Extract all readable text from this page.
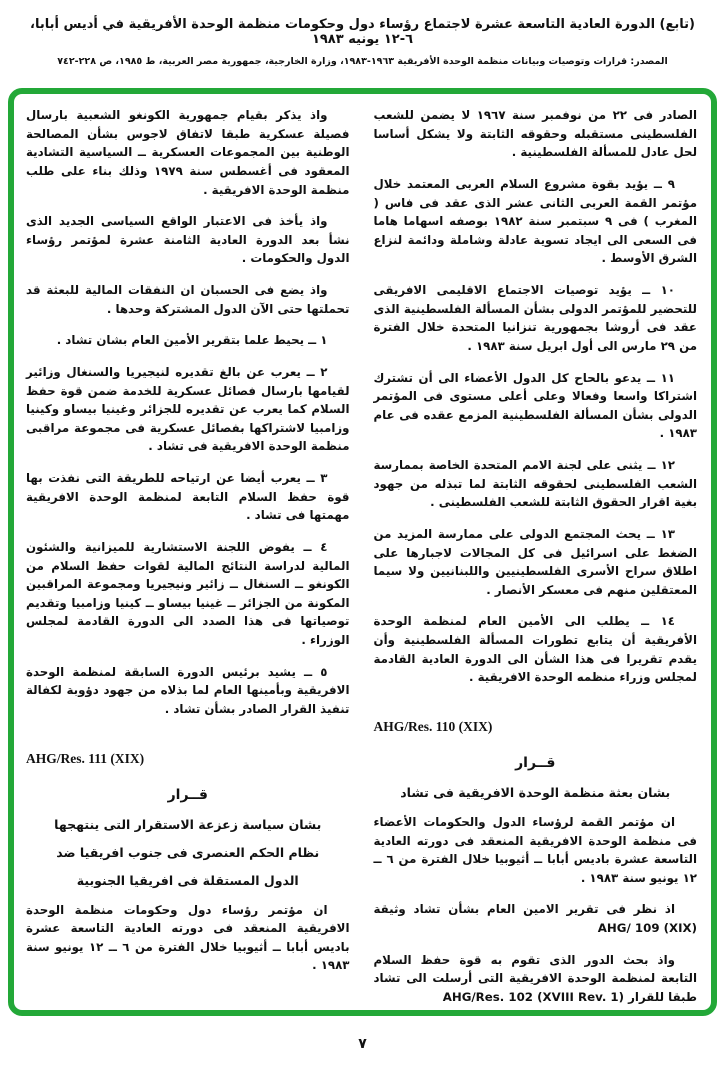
(تابع) الدورة العادية التاسعة عشرة لاجتماع رؤساء دول وحكومات منظمة الوحدة الأفريقية في أديس أبابا، ٦-١٢ يونيه ١٩٨٣
المصدر: قرارات وتوصيات وبيانات منظمة الوحدة الأفريقية ١٩٦٣-١٩٨٣، وزارة الخارجية، جمهورية مصر العربية، ط ١٩٨٥، ص ٢٢٨-٧٤٢
الصادر فى ٢٢ من نوفمبر سنة ١٩٦٧ لا يضمن للشعب الفلسطينى مستقبله وحقوقه الثابتة ولا يشكل أساسا لحل عادل للمسألة الفلسطينية .
٩ ــ يؤيد بقوة مشروع السلام العربى المعتمد خلال مؤتمر القمة العربى الثانى عشر الذى عقد فى فاس ( المغرب ) فى ٩ سبتمبر سنة ١٩٨٢ بوصفه اسهاما هاما فى السعى الى ايجاد تسوية عادلة وشاملة ودائمة لنزاع الشرق الأوسط .
١٠ ــ يؤيد توصيات الاجتماع الاقليمى الافريقى للتحضير للمؤتمر الدولى بشأن المسألة الفلسطينية الذى عقد فى أروشا بجمهورية تنزانيا المتحدة خلال الفترة من ٢٩ مارس الى أول ابريل سنة ١٩٨٣ .
١١ ــ يدعو بالحاح كل الدول الأعضاء الى أن تشترك اشتراكا واسعا وفعالا وعلى أعلى مستوى فى المؤتمر الدولى بشأن المسألة الفلسطينية المزمع عقده فى عام ١٩٨٣ .
١٢ ــ يثنى على لجنة الامم المتحدة الخاصة بممارسة الشعب الفلسطينى لحقوقه الثابتة لما تبذله من جهود بغية اقرار الحقوق الثابتة للشعب الفلسطينى .
١٣ ــ يحث المجتمع الدولى على ممارسة المزيد من الضغط على اسرائيل فى كل المجالات لاجبارها على اطلاق سراح الأسرى الفلسطينيين واللبنانيين ولا سيما المعتقلين منهم فى معسكر الأنصار .
١٤ ــ يطلب الى الأمين العام لمنظمة الوحدة الأفريقية أن يتابع تطورات المسألة الفلسطينية وأن يقدم تقريرا فى هذا الشأن الى الدورة العادية القادمة لمجلس وزراء منظمه الوحدة الافريقية .
AHG/Res. 110 (XIX)
قــرار
بشان بعثة منظمة الوحدة الافريقية فى تشاد
ان مؤتمر القمة لرؤساء الدول والحكومات الأعضاء فى منظمة الوحدة الافريقية المنعقد فى دورته العادية التاسعة عشرة باديس أبابا ــ أثيوبيا خلال الفترة من ٦ ــ ١٢ يونيو سنة ١٩٨٣ .
اذ نظر فى تقرير الامين العام بشأن تشاد وثيقة AHG/ 109 (XIX)
واذ بحث الدور الذى تقوم به قوة حفظ السلام التابعة لمنظمة الوحدة الافريقية التى أرسلت الى تشاد طبقا للقرار AHG/Res. 102 (XVIII Rev. 1)
واذ يذكر بقيام جمهورية الكونغو الشعبية بارسال فصيلة عسكرية طبقا لاتفاق لاجوس بشأن المصالحة الوطنية بين المجموعات العسكرية ــ السياسية التشادية المعقود فى أغسطس سنة ١٩٧٩ وذلك بناء على طلب منظمة الوحدة الافريقية .
واذ يأخذ فى الاعتبار الواقع السياسى الجديد الذى نشأ بعد الدورة العادية الثامنة عشرة لمؤتمر رؤساء الدول والحكومات .
واذ يضع فى الحسبان ان النفقات المالية للبعثة قد تحملتها حتى الآن الدول المشتركة وحدها .
١ ــ يحيط علما بتقرير الأمين العام بشان تشاد .
٢ ــ يعرب عن بالغ تقديره لنيجيريا والسنغال وزائير لقيامها بارسال فصائل عسكرية للخدمة ضمن قوة حفظ السلام كما يعرب عن تقديره للجزائر وغينيا بيساو وكينيا وزامبيا لاشتراكها بفصائل عسكرية فى مجموعة مراقبى منظمة الوحدة الافريقية فى تشاد .
٣ ــ يعرب أيضا عن ارتياحه للطريقة التى نفذت بها قوة حفظ السلام التابعة لمنظمة الوحدة الافريقية مهمتها فى تشاد .
٤ ــ يفوض اللجنة الاستشارية للميزانية والشئون المالية لدراسة النتائج المالية لقوات حفظ السلام من الكونغو ــ السنغال ــ زائير ونيجيريا ومجموعة المراقبين المكونة من الجزائر ــ غينيا بيساو ــ كينيا وزامبيا وتقديم توصياتها فى هذا الصدد الى الدورة القادمة لمجلس الوزراء .
٥ ــ يشيد برئيس الدورة السابقة لمنظمة الوحدة الافريقية وبأمينها العام لما بذلاه من جهود دؤوبة لكفالة تنفيذ القرار الصادر بشأن تشاد .
AHG/Res. 111 (XIX)
قــرار
بشان سياسة زعزعة الاستقرار التى ينتهجها
نظام الحكم العنصرى فى جنوب افريقيا ضد
الدول المستقلة فى افريقيا الجنوبية
ان مؤتمر رؤساء دول وحكومات منظمة الوحدة الافريقية المنعقد فى دورته العادية التاسعة عشرة باديس أبابا ــ أثيوبيا خلال الفترة من ٦ ــ ١٢ يونيو سنة ١٩٨٣ .
٧
